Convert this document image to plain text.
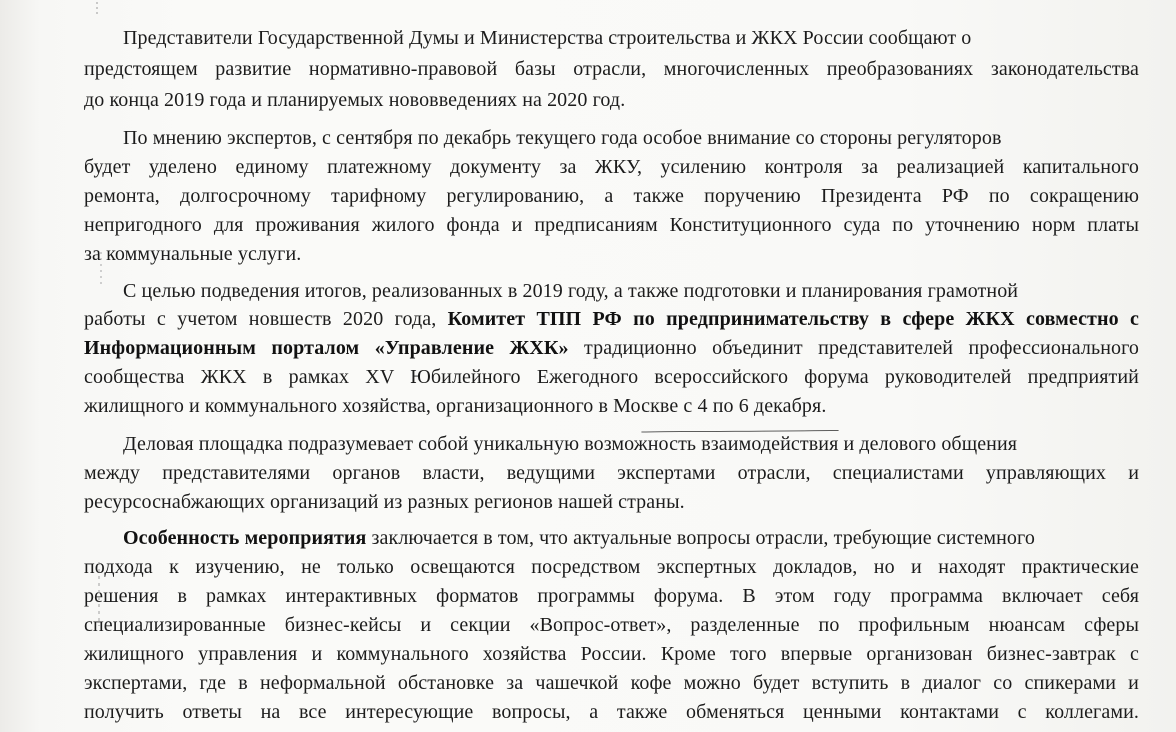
Представители Государственной Думы и Министерства строительства и ЖКХ России сообщают о
предстоящем развитие нормативно-правовой базы отрасли, многочисленных преобразованиях законодательства
до конца 2019 года и планируемых нововведениях на 2020 год.
По мнению экспертов, с сентября по декабрь текущего года особое внимание со стороны регуляторов
будет уделено единому платежному документу за ЖКУ, усилению контроля за реализацией капитального
ремонта, долгосрочному тарифному регулированию, а также поручению Президента РФ по сокращению
непригодного для проживания жилого фонда и предписаниям Конституционного суда по уточнению норм платы
за коммунальные услуги.
С целью подведения итогов, реализованных в 2019 году, а также подготовки и планирования грамотной
работы с учетом новшеств 2020 года, Комитет ТПП РФ по предпринимательству в сфере ЖКХ совместно с
Информационным порталом «Управление ЖХК» традиционно объединит представителей профессионального
сообщества ЖКХ в рамках XV Юбилейного Ежегодного всероссийского форума руководителей предприятий
жилищного и коммунального хозяйства, организационного в Москве с 4 по 6 декабря.
Деловая площадка подразумевает собой уникальную возможность взаимодействия и делового общения
между представителями органов власти, ведущими экспертами отрасли, специалистами управляющих и
ресурсоснабжающих организаций из разных регионов нашей страны.
Особенность мероприятия заключается в том, что актуальные вопросы отрасли, требующие системного
подхода к изучению, не только освещаются посредством экспертных докладов, но и находят практические
решения в рамках интерактивных форматов программы форума. В этом году программа включает себя
специализированные бизнес-кейсы и секции «Вопрос-ответ», разделенные по профильным нюансам сферы
жилищного управления и коммунального хозяйства России. Кроме того впервые организован бизнес-завтрак с
экспертами, где в неформальной обстановке за чашечкой кофе можно будет вступить в диалог со спикерами и
получить ответы на все интересующие вопросы, а также обменяться ценными контактами с коллегами.
